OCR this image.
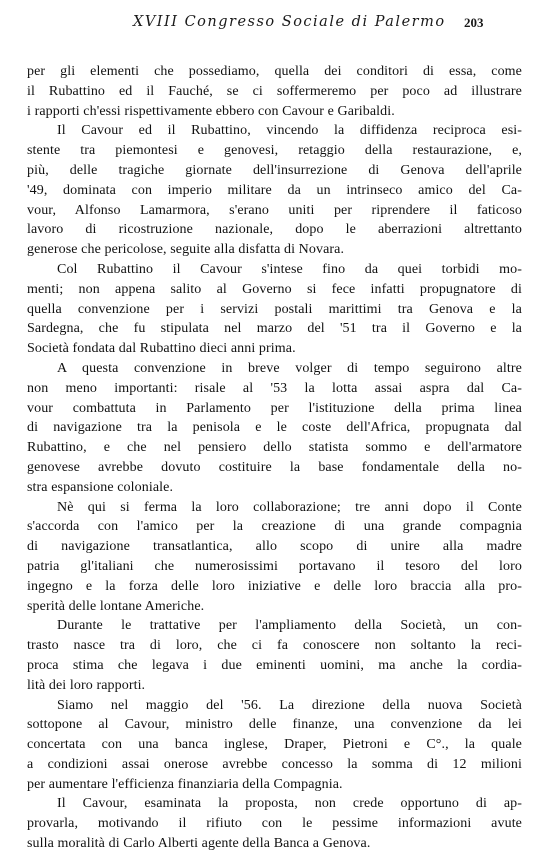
XVIII Congresso Sociale di Palermo 203
per gli elementi che possediamo, quella dei conditori di essa, come
il Rubattino ed il Fauché, se ci soffermeremo per poco ad illustrare
i rapporti ch'essi rispettivamente ebbero con Cavour e Garibaldi.
Il Cavour ed il Rubattino, vincendo la diffidenza reciproca esi-
stente tra piemontesi e genovesi, retaggio della restaurazione, e,
più, delle tragiche giornate dell'insurrezione di Genova dell'aprile
'49, dominata con imperio militare da un intrinseco amico del Ca-
vour, Alfonso Lamarmora, s'erano uniti per riprendere il faticoso
lavoro di ricostruzione nazionale, dopo le aberrazioni altrettanto
generose che pericolose, seguite alla disfatta di Novara.
Col Rubattino il Cavour s'intese fino da quei torbidi mo-
menti; non appena salito al Governo si fece infatti propugnatore di
quella convenzione per i servizi postali marittimi tra Genova e la
Sardegna, che fu stipulata nel marzo del '51 tra il Governo e la
Società fondata dal Rubattino dieci anni prima.
A questa convenzione in breve volger di tempo seguirono altre
non meno importanti: risale al '53 la lotta assai aspra dal Ca-
vour combattuta in Parlamento per l'istituzione della prima linea
di navigazione tra la penisola e le coste dell'Africa, propugnata dal
Rubattino, e che nel pensiero dello statista sommo e dell'armatore
genovese avrebbe dovuto costituire la base fondamentale della no-
stra espansione coloniale.
Nè qui si ferma la loro collaborazione; tre anni dopo il Conte
s'accorda con l'amico per la creazione di una grande compagnia
di navigazione transatlantica, allo scopo di unire alla madre
patria gl'italiani che numerosissimi portavano il tesoro del loro
ingegno e la forza delle loro iniziative e delle loro braccia alla pro-
sperità delle lontane Americhe.
Durante le trattative per l'ampliamento della Società, un con-
trasto nasce tra di loro, che ci fa conoscere non soltanto la reci-
proca stima che legava i due eminenti uomini, ma anche la cordia-
lità dei loro rapporti.
Siamo nel maggio del '56. La direzione della nuova Società
sottopone al Cavour, ministro delle finanze, una convenzione da lei
concertata con una banca inglese, Draper, Pietroni e C°., la quale
a condizioni assai onerose avrebbe concesso la somma di 12 milioni
per aumentare l'efficienza finanziaria della Compagnia.
Il Cavour, esaminata la proposta, non crede opportuno di ap-
provarla, motivando il rifiuto con le pessime informazioni avute
sulla moralità di Carlo Alberti agente della Banca a Genova.
